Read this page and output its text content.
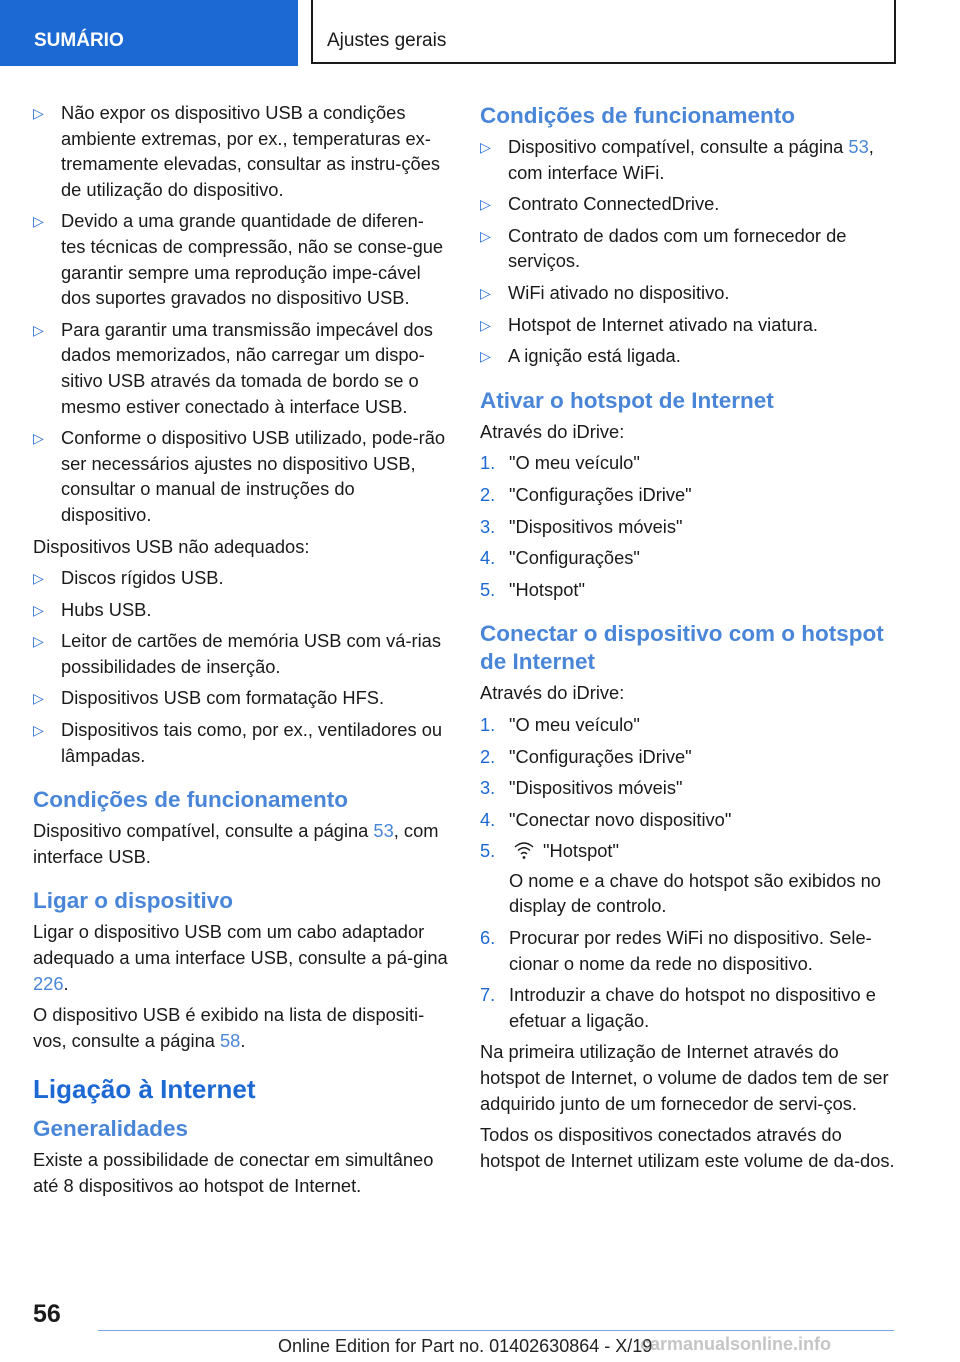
SUMÁRIO	Ajustes gerais
▷ Não expor os dispositivo USB a condições ambiente extremas, por ex., temperaturas ex-tremamente elevadas, consultar as instru-ções de utilização do dispositivo.
▷ Devido a uma grande quantidade de diferen-tes técnicas de compressão, não se conse-gue garantir sempre uma reprodução impe-cável dos suportes gravados no dispositivo USB.
▷ Para garantir uma transmissão impecável dos dados memorizados, não carregar um dispo-sitivo USB através da tomada de bordo se o mesmo estiver conectado à interface USB.
▷ Conforme o dispositivo USB utilizado, pode-rão ser necessários ajustes no dispositivo USB, consultar o manual de instruções do dispositivo.

Dispositivos USB não adequados:

▷ Discos rígidos USB.
▷ Hubs USB.
▷ Leitor de cartões de memória USB com vá-rias possibilidades de inserção.
▷ Dispositivos USB com formatação HFS.
▷ Dispositivos tais como, por ex., ventiladores ou lâmpadas.
Condições de funcionamento

Dispositivo compatível, consulte a página 53, com interface USB.

Ligar o dispositivo

Ligar o dispositivo USB com um cabo adaptador adequado a uma interface USB, consulte a pá-gina 226.

O dispositivo USB é exibido na lista de dispositi-vos, consulte a página 58.

Ligação à Internet
Generalidades

Existe a possibilidade de conectar em simultâneo até 8 dispositivos ao hotspot de Internet.

Condições de funcionamento
▷ Dispositivo compatível, consulte a página 53, com interface WiFi.
▷ Contrato ConnectedDrive.
▷ Contrato de dados com um fornecedor de serviços.
▷ WiFi ativado no dispositivo.
▷ Hotspot de Internet ativado na viatura.
▷ A ignição está ligada.
Ativar o hotspot de Internet

Através do iDrive:

1. "O meu veículo"
2. "Configurações iDrive"
3. "Dispositivos móveis"
4. "Configurações"
5. "Hotspot"
Conectar o dispositivo com o hotspot de Internet

Através do iDrive:

1. "O meu veículo"
2. "Configurações iDrive"
3. "Dispositivos móveis"
4. "Conectar novo dispositivo"
5.	"Hotspot"
O nome e a chave do hotspot são exibidos no display de controlo.
6. Procurar por redes WiFi no dispositivo. Sele-cionar o nome da rede no dispositivo.
7. Introduzir a chave do hotspot no dispositivo e efetuar a ligação.

Na primeira utilização de Internet através do hotspot de Internet, o volume de dados tem de ser adquirido junto de um fornecedor de servi-ços.

Todos os dispositivos conectados através do hotspot de Internet utilizam este volume de da-dos.

56
Online Edition for Part no. 01402630864 - X/19
carmanualsonline.info
